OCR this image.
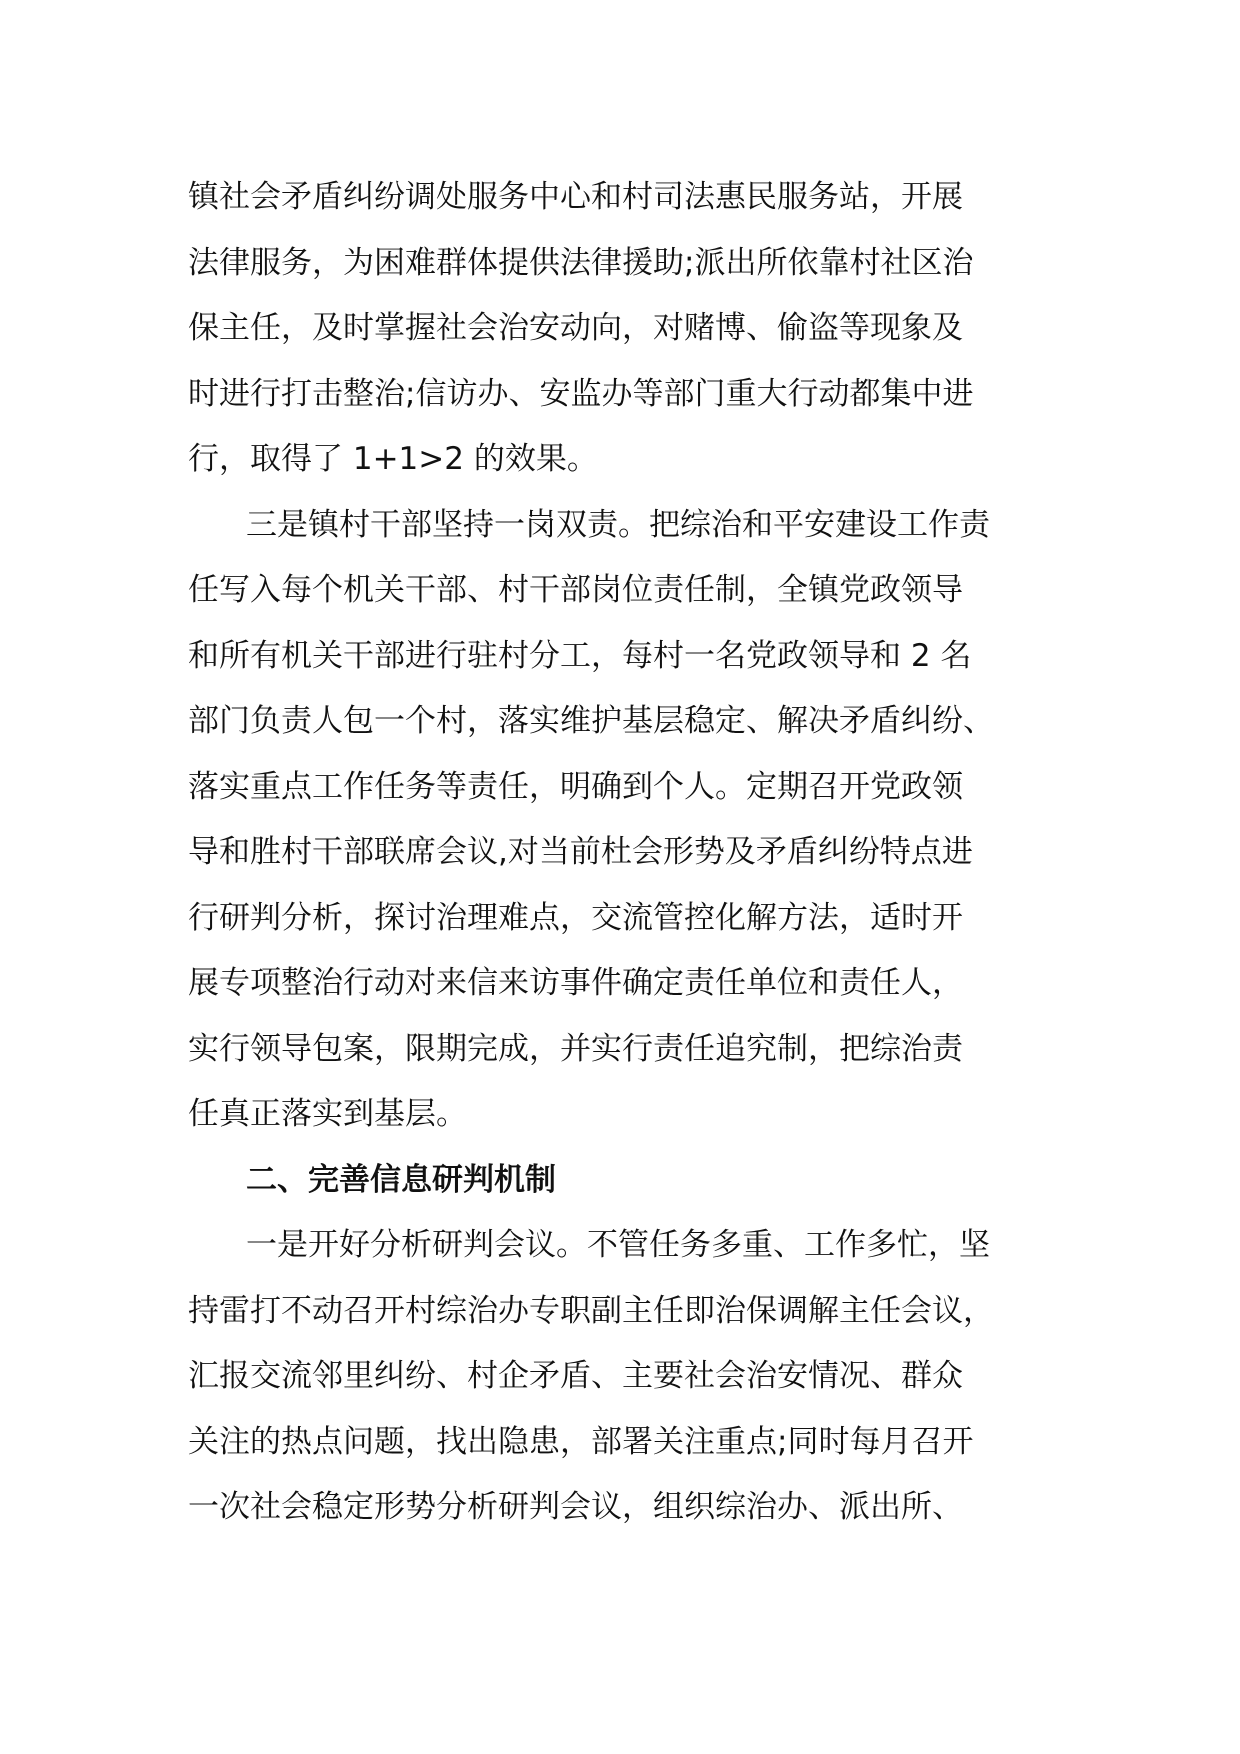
镇社会矛盾纠纷调处服务中心和村司法惠民服务站，开展
法律服务，为困难群体提供法律援助;派出所依靠村社区治
保主任，及时掌握社会治安动向，对赌博、偷盗等现象及
时进行打击整治;信访办、安监办等部门重大行动都集中进
行，取得了 1+1>2 的效果。
三是镇村干部坚持一岗双责。把综治和平安建设工作责
任写入每个机关干部、村干部岗位责任制，全镇党政领导
和所有机关干部进行驻村分工，每村一名党政领导和 2 名
部门负责人包一个村，落实维护基层稳定、解决矛盾纠纷、
落实重点工作任务等责任，明确到个人。定期召开党政领
导和胜村干部联席会议,对当前杜会形势及矛盾纠纷特点进
行研判分析，探讨治理难点，交流管控化解方法，适时开
展专项整治行动对来信来访事件确定责任单位和责任人，
实行领导包案，限期完成，并实行责任追究制，把综治责
任真正落实到基层。
二、完善信息研判机制
一是开好分析研判会议。不管任务多重、工作多忙，坚
持雷打不动召开村综治办专职副主任即治保调解主任会议，
汇报交流邻里纠纷、村企矛盾、主要社会治安情况、群众
关注的热点问题，找出隐患，部署关注重点;同时每月召开
一次社会稳定形势分析研判会议，组织综治办、派出所、
